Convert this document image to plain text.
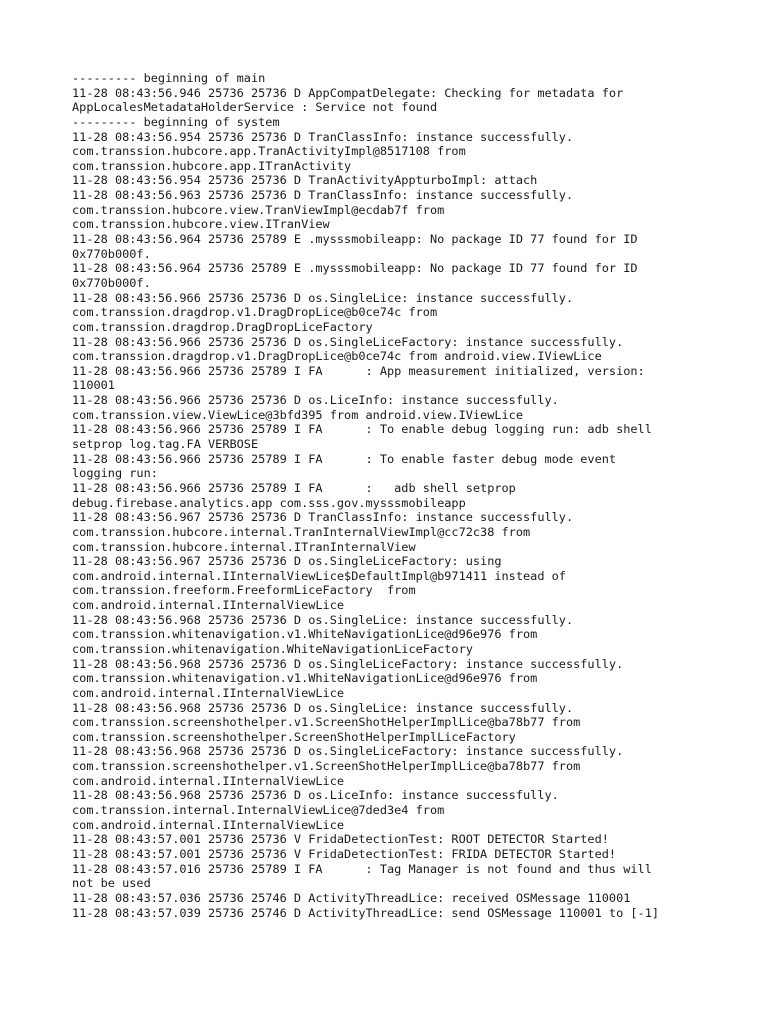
--------- beginning of main
11-28 08:43:56.946 25736 25736 D AppCompatDelegate: Checking for metadata for
AppLocalesMetadataHolderService : Service not found
--------- beginning of system
11-28 08:43:56.954 25736 25736 D TranClassInfo: instance successfully.
com.transsion.hubcore.app.TranActivityImpl@8517108 from
com.transsion.hubcore.app.ITranActivity
11-28 08:43:56.954 25736 25736 D TranActivityAppturboImpl: attach
11-28 08:43:56.963 25736 25736 D TranClassInfo: instance successfully.
com.transsion.hubcore.view.TranViewImpl@ecdab7f from
com.transsion.hubcore.view.ITranView
11-28 08:43:56.964 25736 25789 E .mysssmobileapp: No package ID 77 found for ID
0x770b000f.
11-28 08:43:56.964 25736 25789 E .mysssmobileapp: No package ID 77 found for ID
0x770b000f.
11-28 08:43:56.966 25736 25736 D os.SingleLice: instance successfully.
com.transsion.dragdrop.v1.DragDropLice@b0ce74c from
com.transsion.dragdrop.DragDropLiceFactory
11-28 08:43:56.966 25736 25736 D os.SingleLiceFactory: instance successfully.
com.transsion.dragdrop.v1.DragDropLice@b0ce74c from android.view.IViewLice
11-28 08:43:56.966 25736 25789 I FA      : App measurement initialized, version:
110001
11-28 08:43:56.966 25736 25736 D os.LiceInfo: instance successfully.
com.transsion.view.ViewLice@3bfd395 from android.view.IViewLice
11-28 08:43:56.966 25736 25789 I FA      : To enable debug logging run: adb shell
setprop log.tag.FA VERBOSE
11-28 08:43:56.966 25736 25789 I FA      : To enable faster debug mode event
logging run:
11-28 08:43:56.966 25736 25789 I FA      :   adb shell setprop
debug.firebase.analytics.app com.sss.gov.mysssmobileapp
11-28 08:43:56.967 25736 25736 D TranClassInfo: instance successfully.
com.transsion.hubcore.internal.TranInternalViewImpl@cc72c38 from
com.transsion.hubcore.internal.ITranInternalView
11-28 08:43:56.967 25736 25736 D os.SingleLiceFactory: using
com.android.internal.IInternalViewLice$DefaultImpl@b971411 instead of
com.transsion.freeform.FreeformLiceFactory  from
com.android.internal.IInternalViewLice
11-28 08:43:56.968 25736 25736 D os.SingleLice: instance successfully.
com.transsion.whitenavigation.v1.WhiteNavigationLice@d96e976 from
com.transsion.whitenavigation.WhiteNavigationLiceFactory
11-28 08:43:56.968 25736 25736 D os.SingleLiceFactory: instance successfully.
com.transsion.whitenavigation.v1.WhiteNavigationLice@d96e976 from
com.android.internal.IInternalViewLice
11-28 08:43:56.968 25736 25736 D os.SingleLice: instance successfully.
com.transsion.screenshothelper.v1.ScreenShotHelperImplLice@ba78b77 from
com.transsion.screenshothelper.ScreenShotHelperImplLiceFactory
11-28 08:43:56.968 25736 25736 D os.SingleLiceFactory: instance successfully.
com.transsion.screenshothelper.v1.ScreenShotHelperImplLice@ba78b77 from
com.android.internal.IInternalViewLice
11-28 08:43:56.968 25736 25736 D os.LiceInfo: instance successfully.
com.transsion.internal.InternalViewLice@7ded3e4 from
com.android.internal.IInternalViewLice
11-28 08:43:57.001 25736 25736 V FridaDetectionTest: ROOT DETECTOR Started!
11-28 08:43:57.001 25736 25736 V FridaDetectionTest: FRIDA DETECTOR Started!
11-28 08:43:57.016 25736 25789 I FA      : Tag Manager is not found and thus will
not be used
11-28 08:43:57.036 25736 25746 D ActivityThreadLice: received OSMessage 110001
11-28 08:43:57.039 25736 25746 D ActivityThreadLice: send OSMessage 110001 to [-1]
